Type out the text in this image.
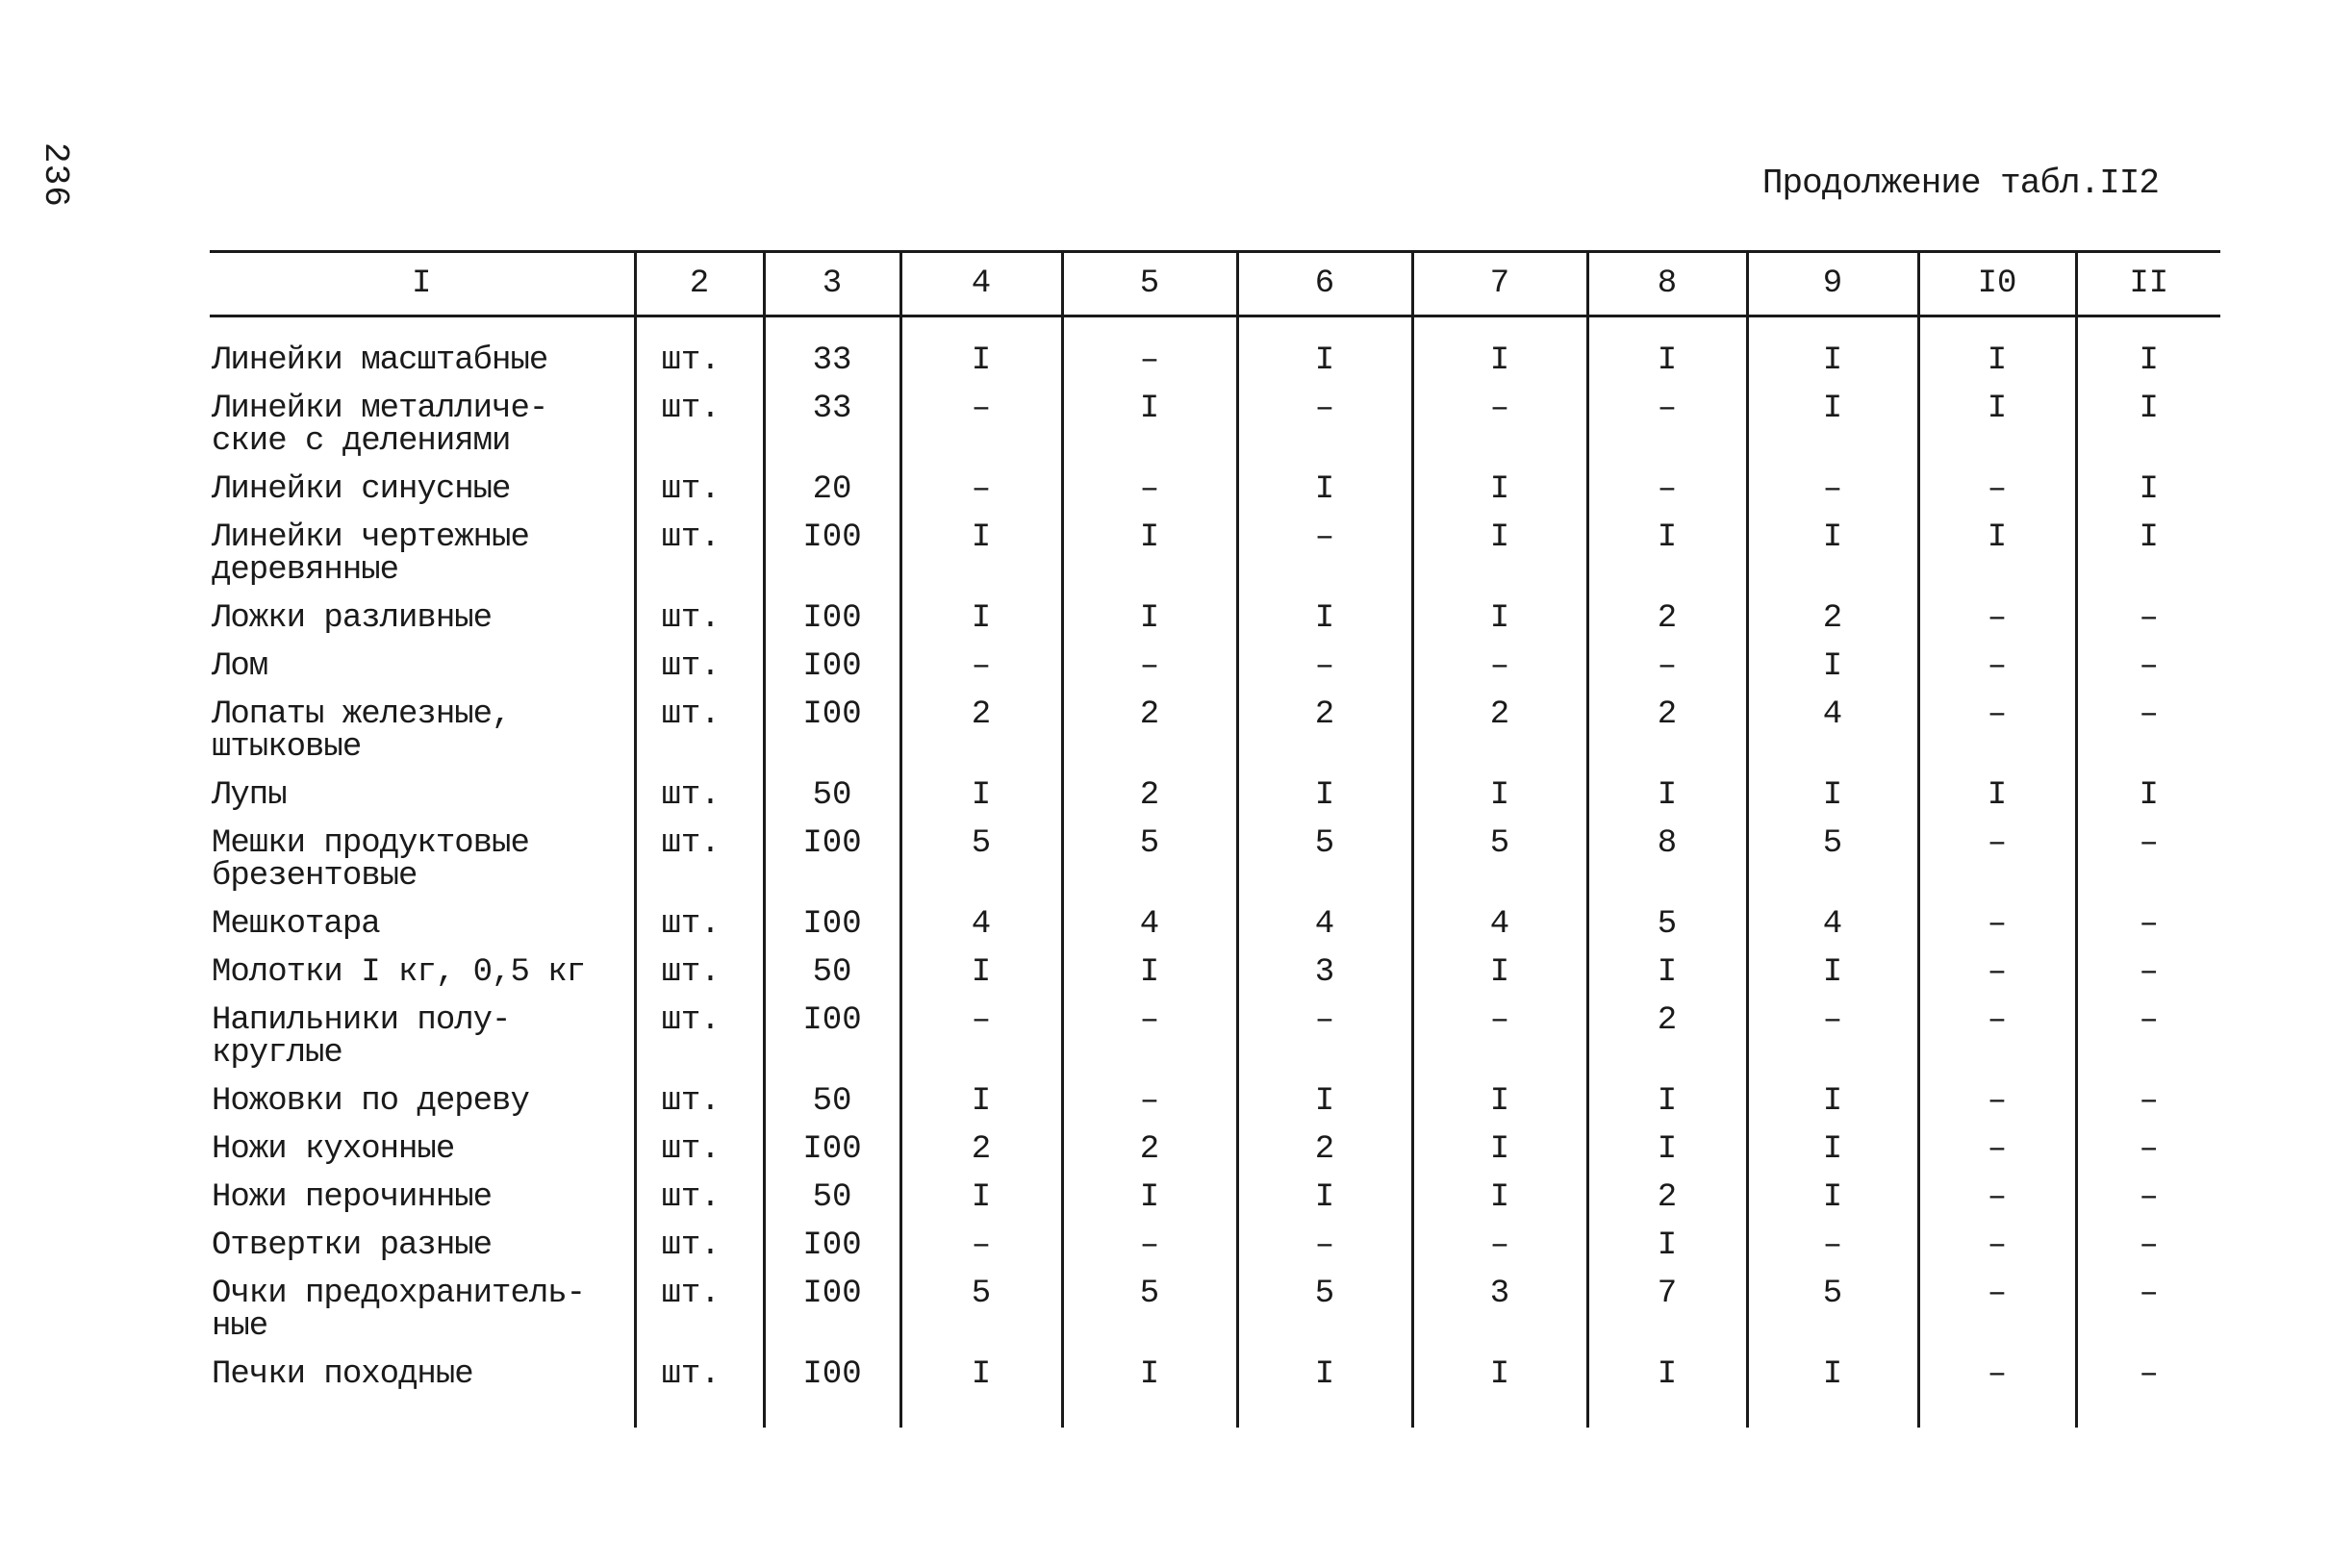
236	Продолжение табл.II2
I	2	3	4	5	6	7	8	9	I0	II
Линейки масштабные	шт.	33	I	–	I	I	I	I	I	I
Линейки металличе-
ские с делениями	шт.	33	–	I	–	–	–	I	I	I
Линейки синусные	шт.	20	–	–	I	I	–	–	–	I
Линейки чертежные
деревянные	шт.	I00	I	I	–	I	I	I	I	I
Ложки разливные	шт.	I00	I	I	I	I	2	2	–	–
Лом	шт.	I00	–	–	–	–	–	I	–	–
Лопаты железные,
штыковые	шт.	I00	2	2	2	2	2	4	–	–
Лупы	шт.	50	I	2	I	I	I	I	I	I
Мешки продуктовые
брезентовые	шт.	I00	5	5	5	5	8	5	–	–
Мешкотара	шт.	I00	4	4	4	4	5	4	–	–
Молотки I кг, 0,5 кг	шт.	50	I	I	3	I	I	I	–	–
Напильники полу-
круглые	шт.	I00	–	–	–	–	2	–	–	–
Ножовки по дереву	шт.	50	I	–	I	I	I	I	–	–
Ножи кухонные	шт.	I00	2	2	2	I	I	I	–	–
Ножи перочинные	шт.	50	I	I	I	I	2	I	–	–
Отвертки разные	шт.	I00	–	–	–	–	I	–	–	–
Очки предохранитель-
ные	шт.	I00	5	5	5	3	7	5	–	–
Печки походные	шт.	I00	I	I	I	I	I	I	–	–
